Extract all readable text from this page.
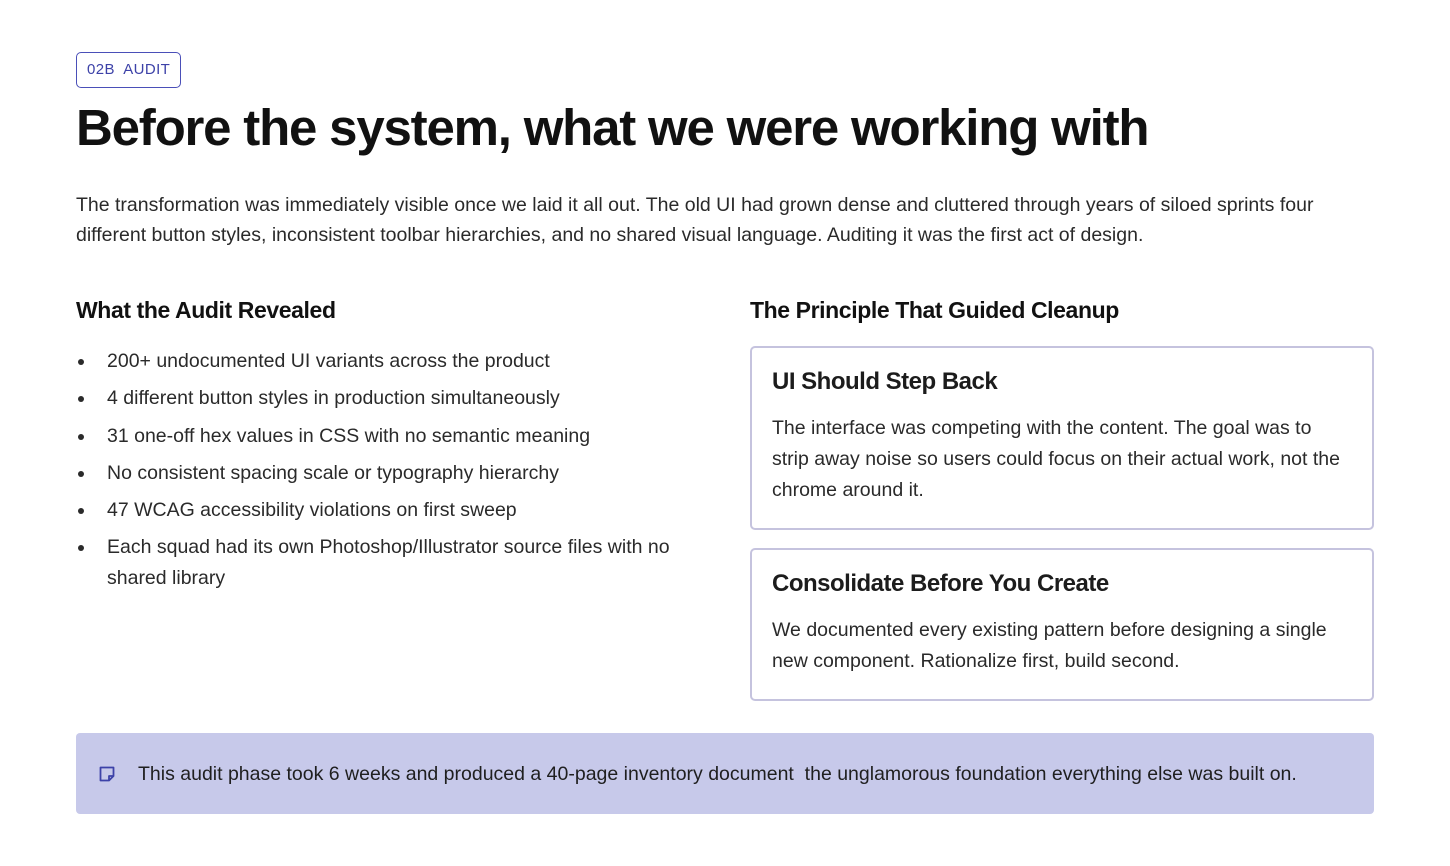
02B  AUDIT
Before the system, what we were working with

The transformation was immediately visible once we laid it all out. The old UI had grown dense and cluttered through years of siloed sprints four different button styles, inconsistent toolbar hierarchies, and no shared visual language. Auditing it was the first act of design.

What the Audit Revealed
200+ undocumented UI variants across the product
4 different button styles in production simultaneously
31 one-off hex values in CSS with no semantic meaning
No consistent spacing scale or typography hierarchy
47 WCAG accessibility violations on first sweep
Each squad had its own Photoshop/Illustrator source files with no shared library
The Principle That Guided Cleanup
UI Should Step Back

The interface was competing with the content. The goal was to strip away noise so users could focus on their actual work, not the chrome around it.

Consolidate Before You Create

We documented every existing pattern before designing a single new component. Rationalize first, build second.

This audit phase took 6 weeks and produced a 40-page inventory document  the unglamorous foundation everything else was built on.
